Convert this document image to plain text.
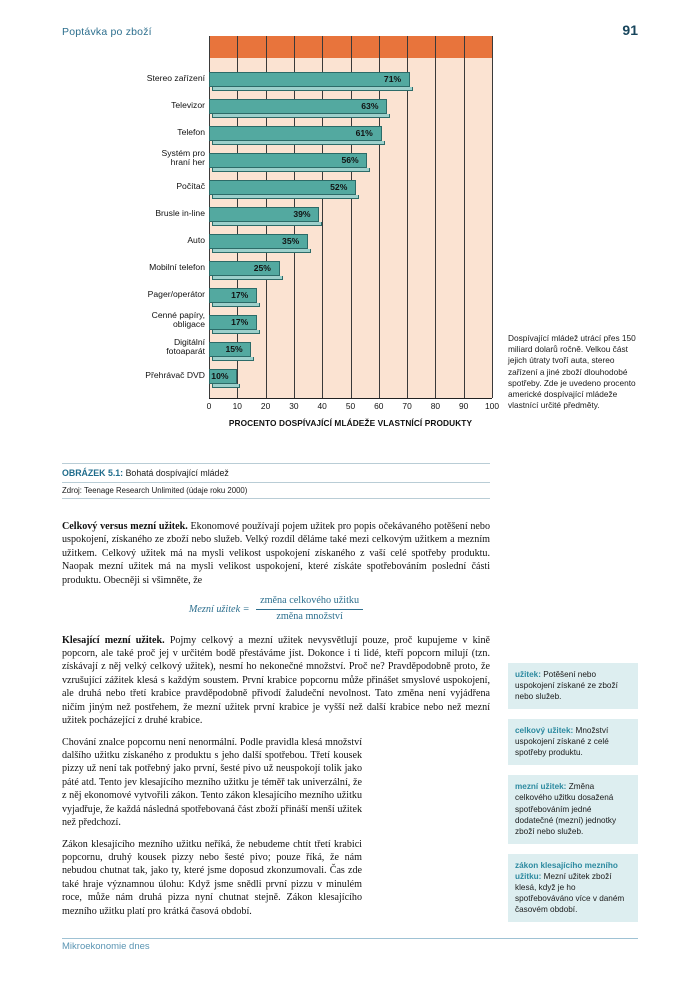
Poptávka po zboží	91
71%
63%
61%
56%
52%
39%
35%
25%
17%
17%
15%
10%
Stereo zařízení
Televizor
Telefon
Systém pro
hraní her
Počítač
Brusle in-line
Auto
Mobilní telefon
Pager/operátor
Cenné papíry,
obligace
Digitální
fotoaparát
Přehrávač DVD
0	10 20 30 40 50 60 70 80 90 100
PROCENTO DOSPÍVAJÍCÍ MLÁDEŽE VLASTNÍCÍ PRODUKTY
Dospívající mládež utrácí přes 150 miliard dolarů ročně. Velkou část jejich útraty tvoří auta, stereo zařízení a jiné zboží dlouhodobé spotřeby. Zde je uvedeno procento americké dospívající mládeže vlastnící určité předměty.
OBRÁZEK 5.1: Bohatá dospívající mládež
Zdroj: Teenage Research Unlimited (údaje roku 2000)

Celkový versus mezní užitek. Ekonomové používají pojem užitek pro popis očekávaného potěšení nebo uspokojení, získaného ze zboží nebo služeb. Velký rozdíl děláme také mezi celkovým užitkem a mezním užitkem. Celkový užitek má na mysli velikost uspokojení získaného z vaší celé spotřeby produktu. Naopak mezní užitek má na mysli velikost uspokojení, které získáte spotřebováním poslední části produktu. Obecněji si všimněte, že

Mezní užitek = $\frac{\text{změna celkového užitku}}{\text{změna množství}}$

Klesající mezní užitek. Pojmy celkový a mezní užitek nevysvětlují pouze, proč kupujeme v kině popcorn, ale také proč jej v určitém bodě přestáváme jíst. Dokonce i ti lidé, kteří popcorn milují (tzn. získávají z něj velký celkový užitek), nesmí ho nekonečné množství. Proč ne? Pravděpodobně proto, že vzrušující zážitek klesá s každým soustem. První krabice popcornu může přinášet smyslové uspokojení, ale druhá nebo třetí krabice pravděpodobně přivodí žaludeční nevolnost. Tato změna není vyjádřena ničím jiným než postřehem, že mezní užitek první krabice je vyšší než další krabice nebo než mezní užitek pocházející z druhé krabice.

Chování znalce popcornu není nenormální. Podle pravidla klesá množství dalšího užitku získaného z produktu s jeho další spotřebou. Třetí kousek pizzy už není tak potřebný jako první, šesté pivo už neuspokojí tolik jako páté atd. Tento jev klesajícího mezního užitku je téměř tak univerzální, že z něj ekonomové vytvořili zákon. Tento zákon klesajícího mezního užitku vyjadřuje, že každá následná spotřebovaná část zboží přináší menší užitek než předchozí.

Zákon klesajícího mezního užitku neříká, že nebudeme chtít třetí krabici popcornu, druhý kousek pizzy nebo šesté pivo; pouze říká, že nám nebudou chutnat tak, jako ty, které jsme doposud zkonzumovali. Čas zde také hraje významnou úlohu: Když jsme snědli první pizzu v minulém roce, může nám druhá pizza nyní chutnat stejně. Zákon klesajícího mezního užitku platí pro krátká časová období.

užitek: Potěšení nebo uspokojení získané ze zboží nebo služeb.
celkový užitek: Množství uspokojení získané z celé spotřeby produktu.
mezní užitek: Změna celkového užitku dosažená spotřebováním jedné dodatečné (mezní) jednotky zboží nebo služeb.
zákon klesajícího mezního užitku: Mezní užitek zboží klesá, když je ho spotřebováváno více v daném časovém období.
Mikroekonomie dnes
